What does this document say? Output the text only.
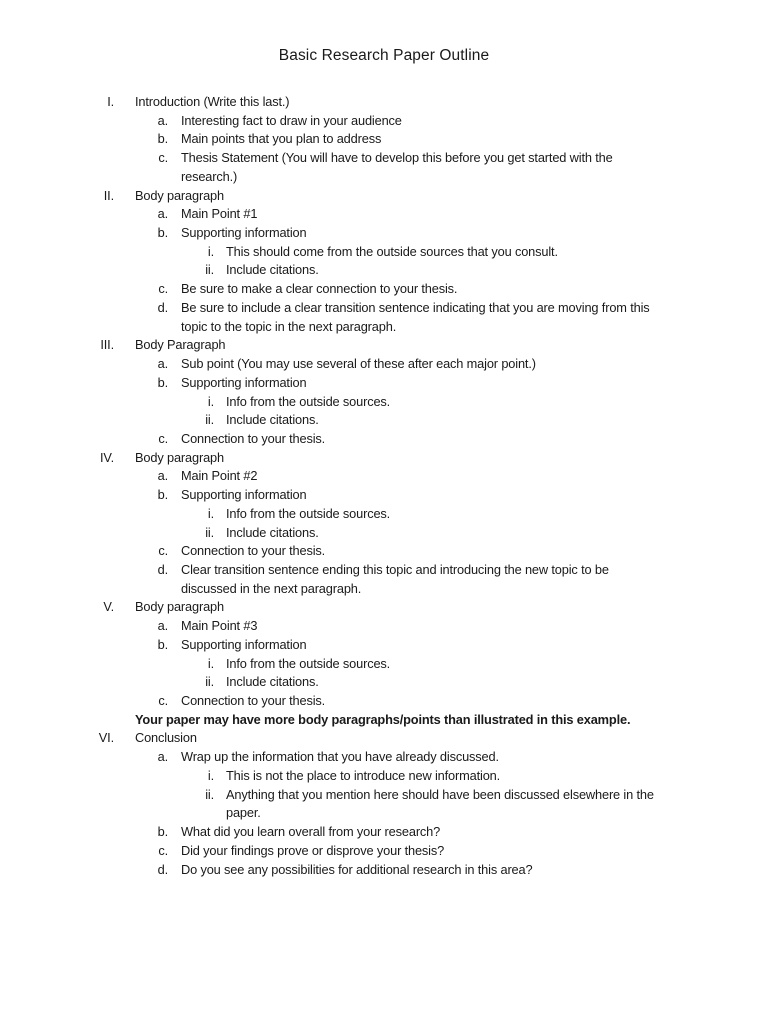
Basic Research Paper Outline
I. Introduction (Write this last.)
a. Interesting fact to draw in your audience
b. Main points that you plan to address
c. Thesis Statement (You will have to develop this before you get started with the
research.)
II. Body paragraph
a. Main Point #1
b. Supporting information
i. This should come from the outside sources that you consult.
ii. Include citations.
c. Be sure to make a clear connection to your thesis.
d. Be sure to include a clear transition sentence indicating that you are moving from this
topic to the topic in the next paragraph.
III. Body Paragraph
a. Sub point (You may use several of these after each major point.)
b. Supporting information
i. Info from the outside sources.
ii. Include citations.
c. Connection to your thesis.
IV. Body paragraph
a. Main Point #2
b. Supporting information
i. Info from the outside sources.
ii. Include citations.
c. Connection to your thesis.
d. Clear transition sentence ending this topic and introducing the new topic to be
discussed in the next paragraph.
V. Body paragraph
a. Main Point #3
b. Supporting information
i. Info from the outside sources.
ii. Include citations.
c. Connection to your thesis.
Your paper may have more body paragraphs/points than illustrated in this example.
VI. Conclusion
a. Wrap up the information that you have already discussed.
i. This is not the place to introduce new information.
ii. Anything that you mention here should have been discussed elsewhere in the
paper.
b. What did you learn overall from your research?
c. Did your findings prove or disprove your thesis?
d. Do you see any possibilities for additional research in this area?
